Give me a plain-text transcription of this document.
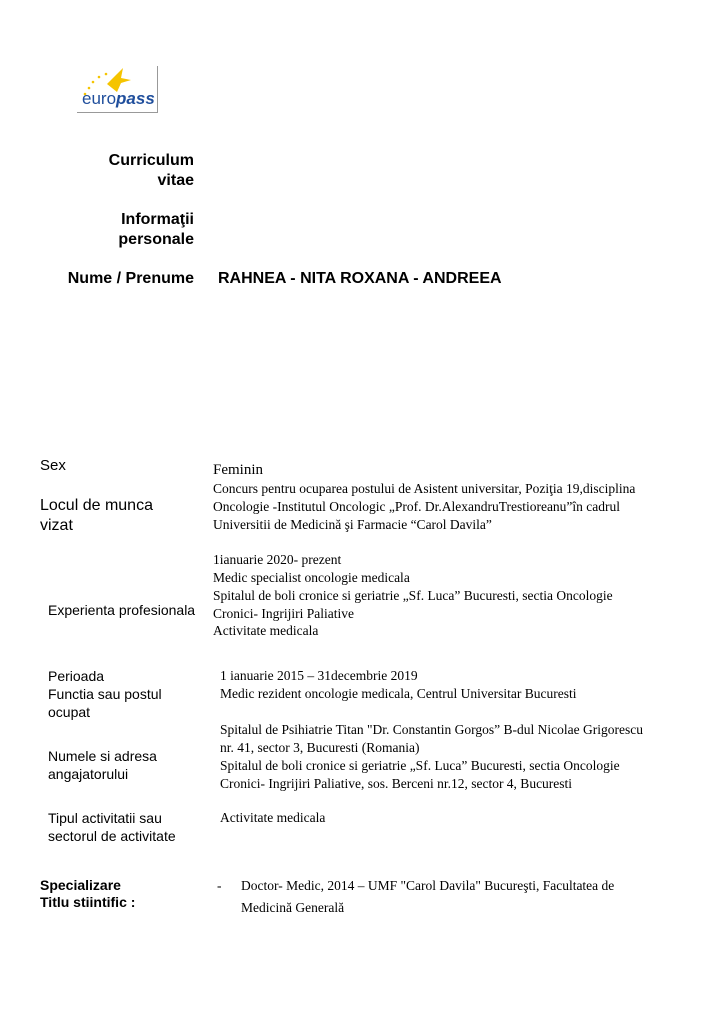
europass
Curriculum
vitae
Informaţii
personale
Nume / Prenume RAHNEA - NITA ROXANA - ANDREEA
Sex	Feminin
Locul de munca
vizat
Concurs pentru ocuparea postului de Asistent universitar, Poziţia 19,disciplina
Oncologie -Institutul Oncologic „Prof. Dr.AlexandruTrestioreanu”în cadrul
Universitii de Medicină şi Farmacie “Carol Davila”
Experienta profesionala
1ianuarie 2020- prezent
Medic specialist oncologie medicala
Spitalul de boli cronice si geriatrie „Sf. Luca” Bucuresti, sectia Oncologie
Cronici- Ingrijiri Paliative
Activitate medicala
Perioada	1 ianuarie 2015 – 31decembrie 2019
Functia sau postul
ocupat
Medic rezident oncologie medicala, Centrul Universitar Bucuresti
Numele si adresa
angajatorului
Spitalul de Psihiatrie Titan "Dr. Constantin Gorgos” B-dul Nicolae Grigorescu
nr. 41, sector 3, Bucuresti (Romania)
Spitalul de boli cronice si geriatrie „Sf. Luca” Bucuresti, sectia Oncologie
Cronici- Ingrijiri Paliative, sos. Berceni nr.12, sector 4, Bucuresti
Tipul activitatii sau
sectorul de activitate
Activitate medicala
Specializare
Titlu stiintific :
- Doctor- Medic, 2014 – UMF "Carol Davila" Bucureşti, Facultatea de
Medicină Generală
